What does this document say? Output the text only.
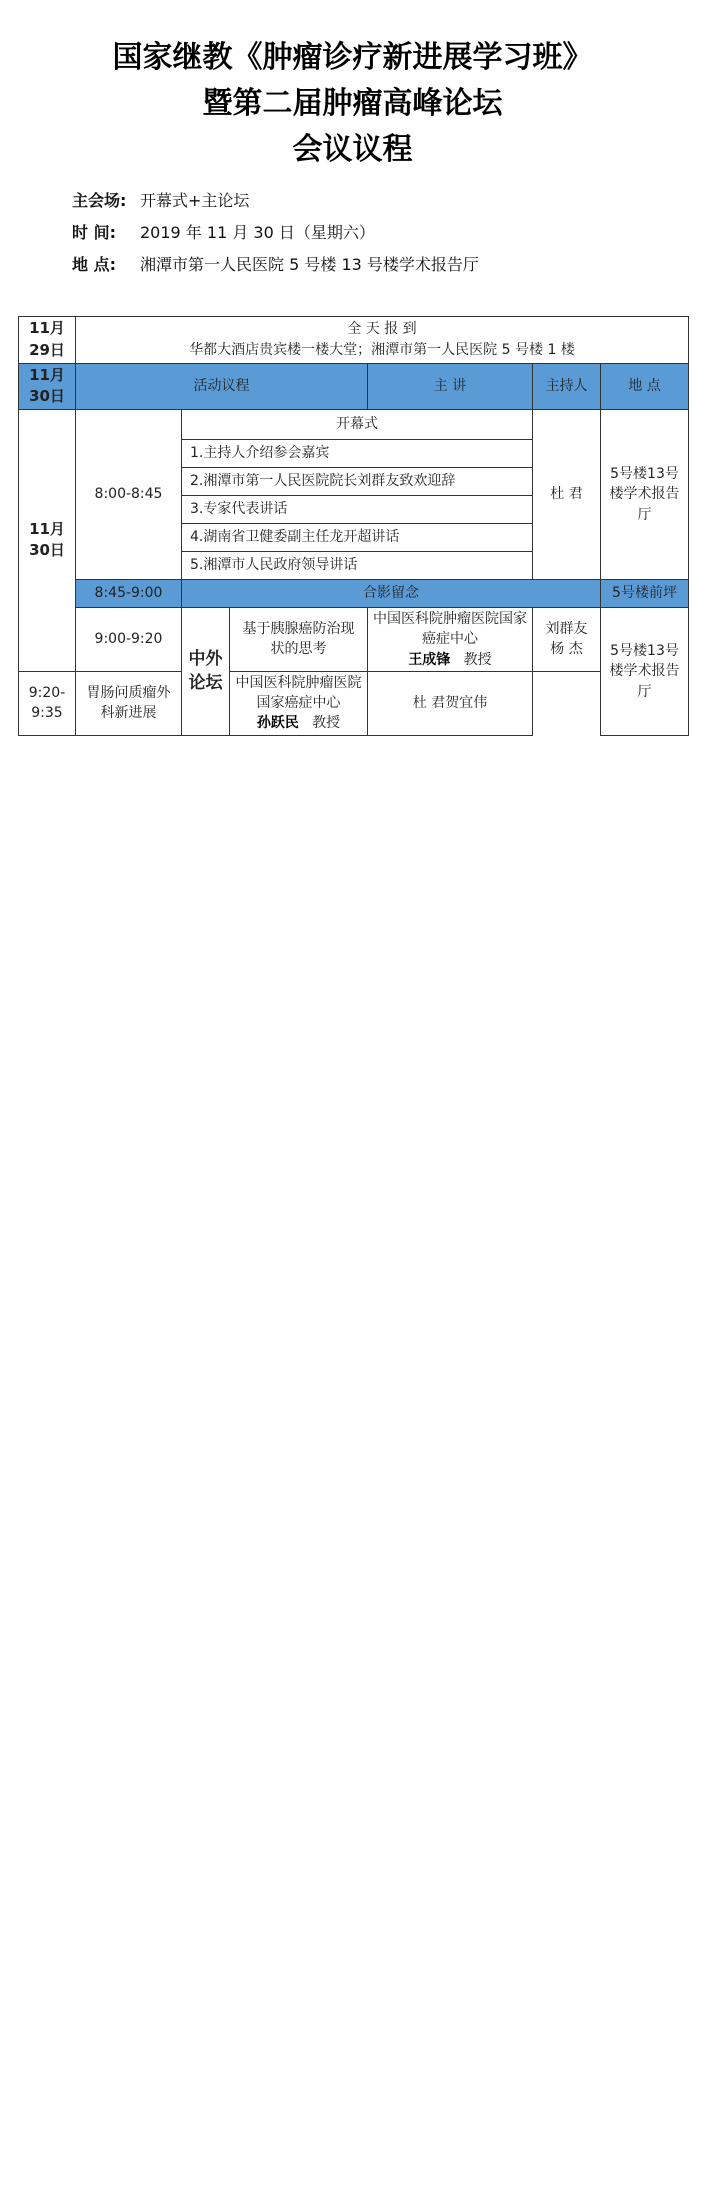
国家继教《肿瘤诊疗新进展学习班》
暨第二届肿瘤高峰论坛
会议议程
主会场: 开幕式+主论坛
时 间: 2019 年 11 月 30 日（星期六）
地 点: 湘潭市第一人民医院 5 号楼 13 号楼学术报告厅
11月29日	全 天 报 到
华都大酒店贵宾楼一楼大堂；湘潭市第一人民医院 5 号楼 1 楼					

11月30日	活动议程			主 讲	主持人	地 点
11月30日	8:00-8:45	开幕式			杜 君	5号楼13号楼学术报告厅
		1.主持人介绍参会嘉宾				
		2.湘潭市第一人民医院院长刘群友致欢迎辞				
		3.专家代表讲话				
		4.湖南省卫健委副主任龙开超讲话				
		5.湘潭市人民政府领导讲话				
	8:45-9:00	合影留念				5号楼前坪
	9:00-9:20	中外论坛	基于胰腺癌防治现状的思考	中国医科院肿瘤医院国家癌症中心
王成锋 教授	刘群友杨 杰	5号楼13号楼学术报告厅
9:20-9:35	胃肠问质瘤外科新进展		中国医科院肿瘤医院国家癌症中心
孙跃民 教授	杜 君贺宜伟		
